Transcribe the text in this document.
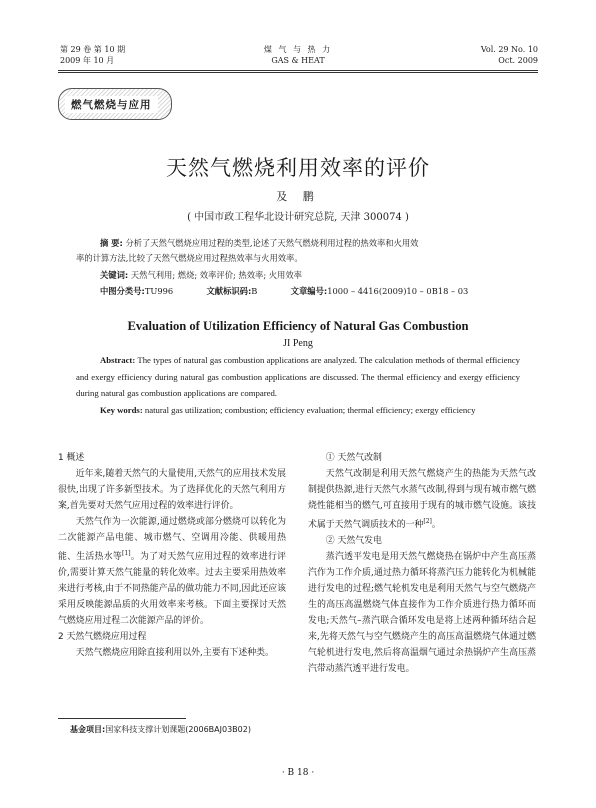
第 29 卷 第 10 期
2009 年 10 月
煤 气 与 热 力
GAS & HEAT
Vol. 29 No. 10
Oct. 2009
燃气燃烧与应用
天然气燃烧利用效率的评价
及 鹏
( 中国市政工程华北设计研究总院, 天津 300074 )
摘 要: 分析了天然气燃烧应用过程的类型,论述了天然气燃烧利用过程的热效率和火用效
率的计算方法,比较了天然气燃烧应用过程热效率与火用效率。
关键词: 天然气利用; 燃烧; 效率评价; 热效率; 火用效率
中图分类号:TU996	文献标识码:B	文章编号:1000 – 4416(2009)10 – 0B18 – 03
Evaluation of Utilization Efficiency of Natural Gas Combustion
JI Peng
Abstract: The types of natural gas combustion applications are analyzed. The calculation methods of thermal efficiency and exergy efficiency during natural gas combustion applications are discussed. The thermal efficiency and exergy efficiency during natural gas combustion applications are compared.
Key words: natural gas utilization; combustion; efficiency evaluation; thermal efficiency; exergy efficiency

1 概述

近年来,随着天然气的大量使用,天然气的应用技术发展很快,出现了许多新型技术。为了选择优化的天然气利用方案,首先要对天然气应用过程的效率进行评价。

天然气作为一次能源,通过燃烧或部分燃烧可以转化为二次能源产品电能、城市燃气、空调用冷能、供暖用热能、生活热水等[1]。为了对天然气应用过程的效率进行评价,需要计算天然气能量的转化效率。过去主要采用热效率来进行考核,由于不同热能产品的做功能力不同,因此还应该采用反映能源品质的火用效率来考核。下面主要探讨天然气燃烧应用过程二次能源产品的评价。

2 天然气燃烧应用过程

天然气燃烧应用除直接利用以外,主要有下述种类。

① 天然气改制

天然气改制是利用天然气燃烧产生的热能为天然气改制提供热源,进行天然气水蒸气改制,得到与现有城市燃气燃烧性能相当的燃气,可直接用于现有的城市燃气设施。该技术属于天然气调质技术的一种[2]。

② 天然气发电

蒸汽透平发电是用天然气燃烧热在锅炉中产生高压蒸汽作为工作介质,通过热力循环将蒸汽压力能转化为机械能进行发电的过程;燃气轮机发电是利用天然气与空气燃烧产生的高压高温燃烧气体直接作为工作介质进行热力循环而发电;天然气–蒸汽联合循环发电是将上述两种循环结合起来,先将天然气与空气燃烧产生的高压高温燃烧气体通过燃气轮机进行发电,然后将高温烟气通过余热锅炉产生高压蒸汽带动蒸汽透平进行发电。

基金项目:国家科技支撑计划课题(2006BAJ03B02)
· B 18 ·
